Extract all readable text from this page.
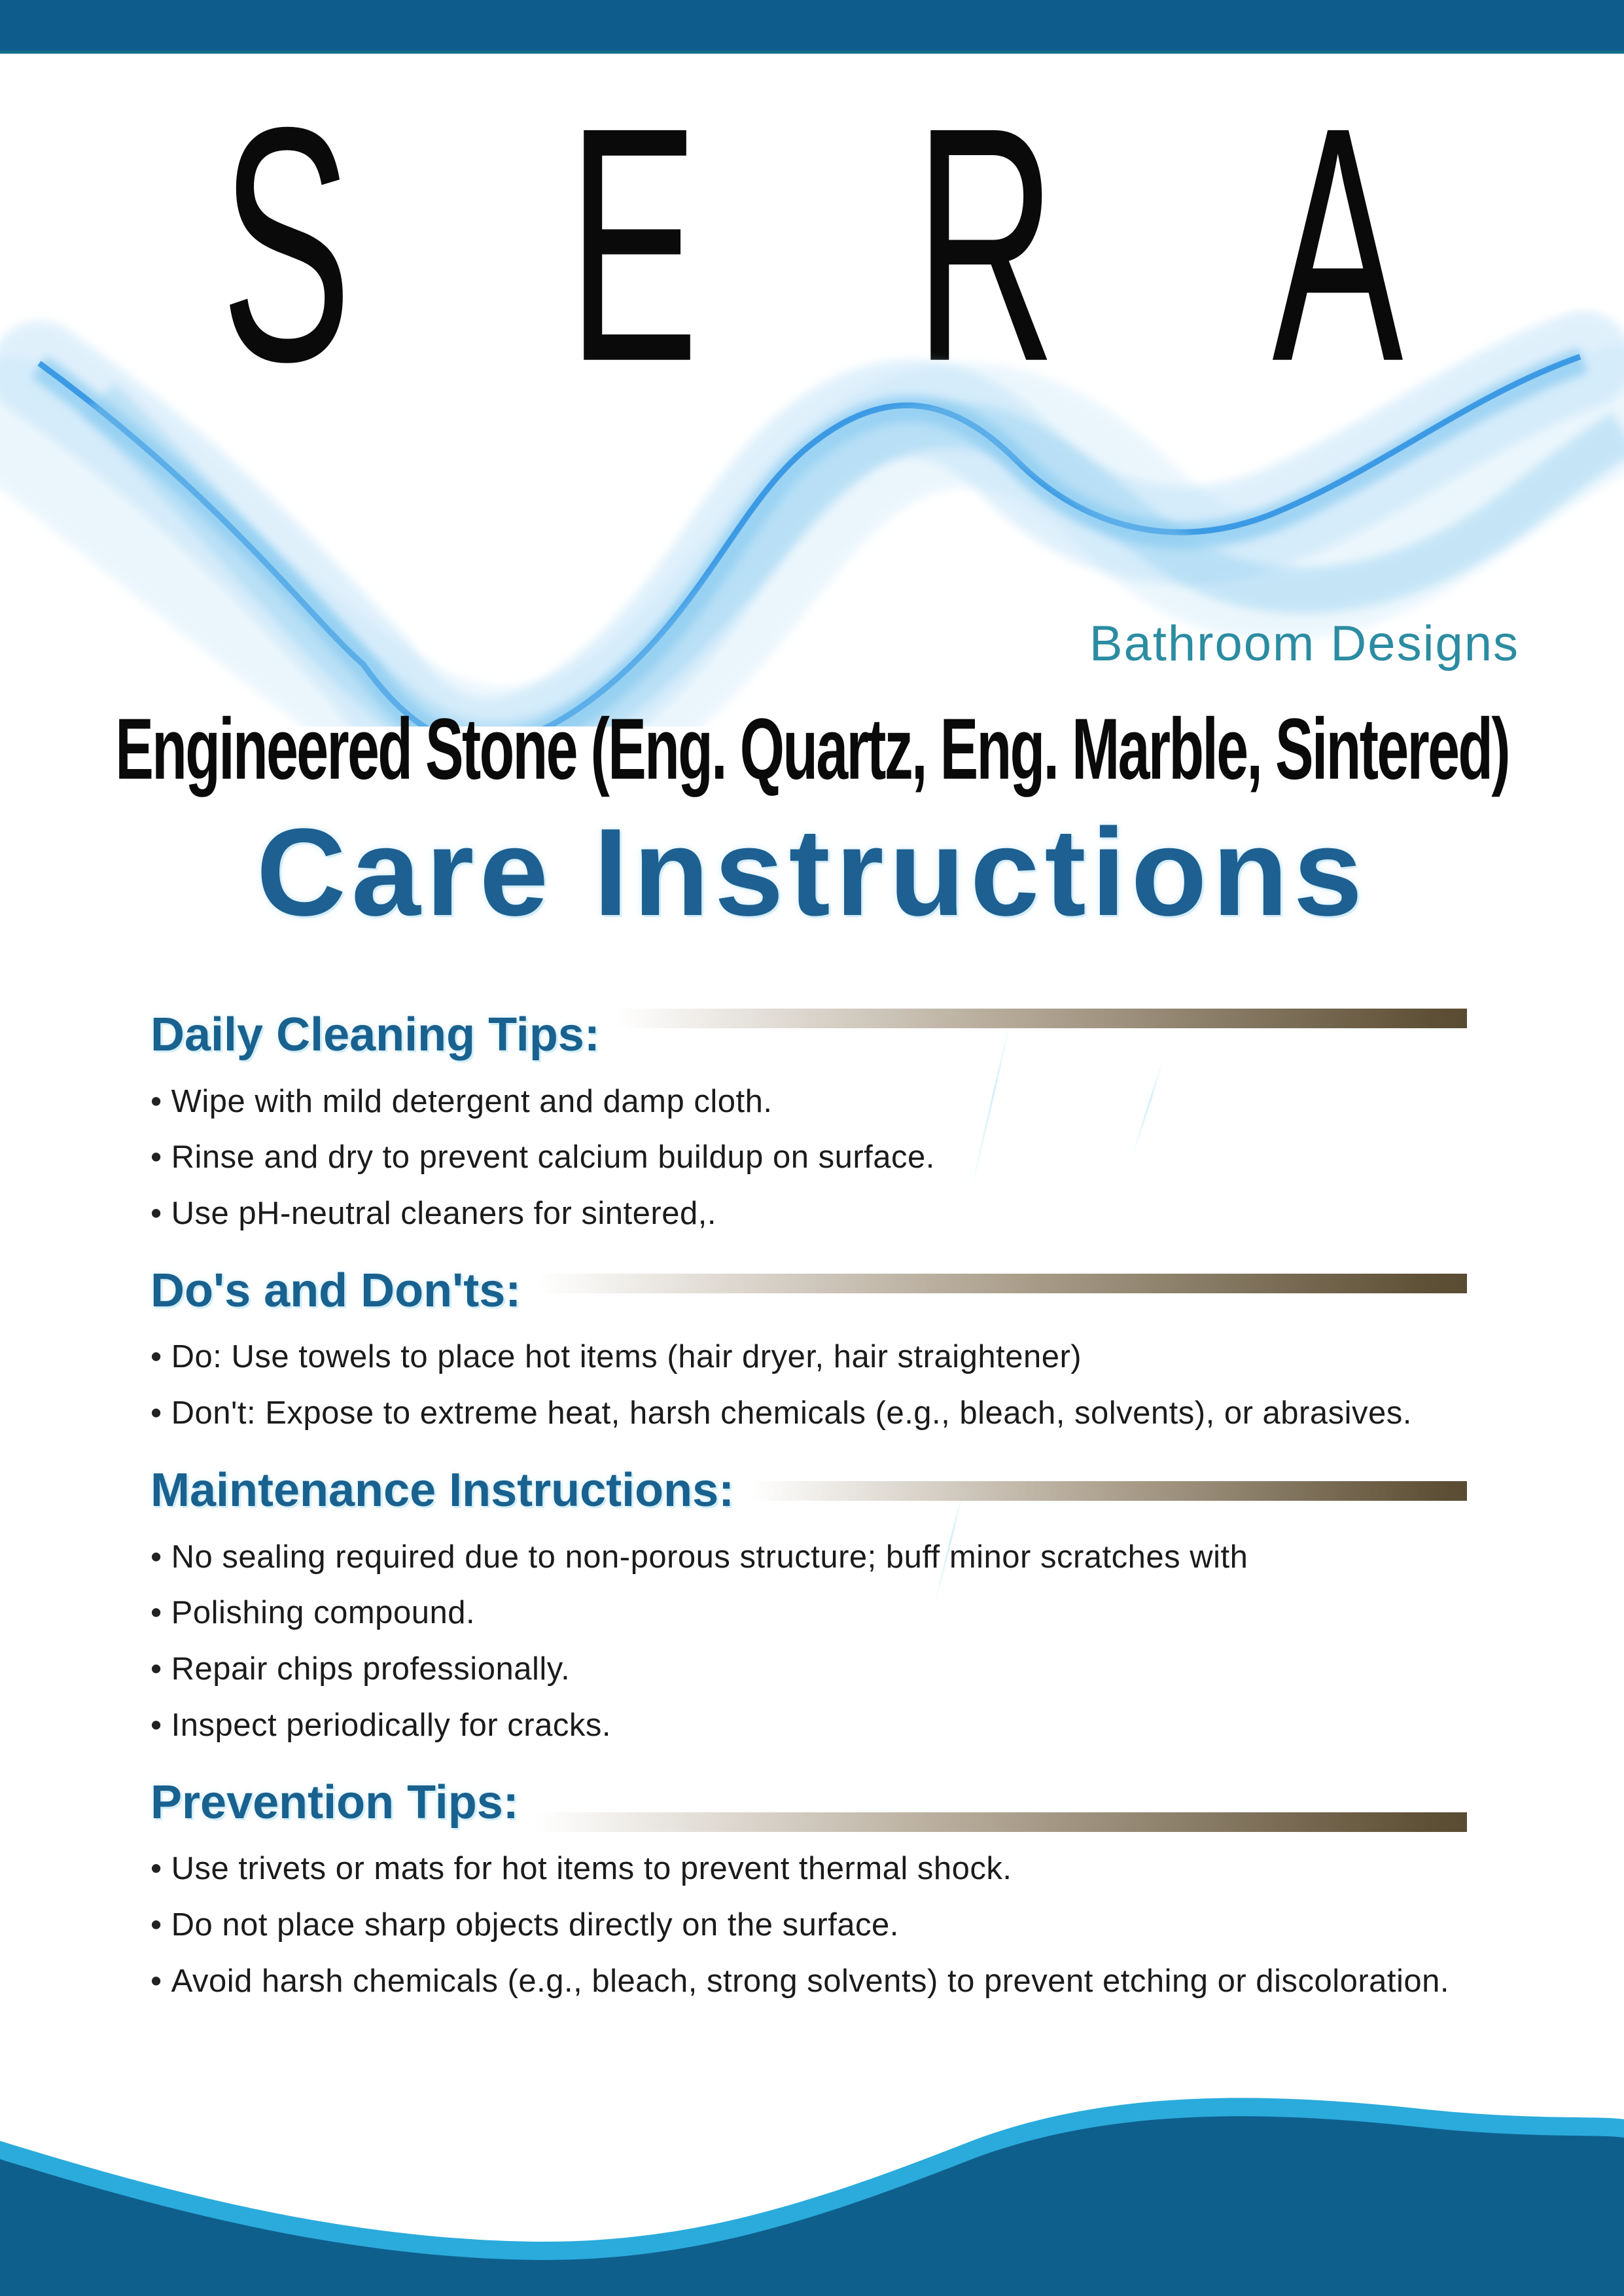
SERA
Bathroom Designs
Engineered Stone (Eng. Quartz, Eng. Marble, Sintered)
Care Instructions
Daily Cleaning Tips:
• Wipe with mild detergent and damp cloth.
• Rinse and dry to prevent calcium buildup on surface.
• Use pH-neutral cleaners for sintered,.
Do's and Don'ts:
• Do: Use towels to place hot items (hair dryer, hair straightener)
• Don't: Expose to extreme heat, harsh chemicals (e.g., bleach, solvents), or abrasives.
Maintenance Instructions:
• No sealing required due to non-porous structure; buff minor scratches with
• Polishing compound.
• Repair chips professionally.
• Inspect periodically for cracks.
Prevention Tips:
• Use trivets or mats for hot items to prevent thermal shock.
• Do not place sharp objects directly on the surface.
• Avoid harsh chemicals (e.g., bleach, strong solvents) to prevent etching or discoloration.
